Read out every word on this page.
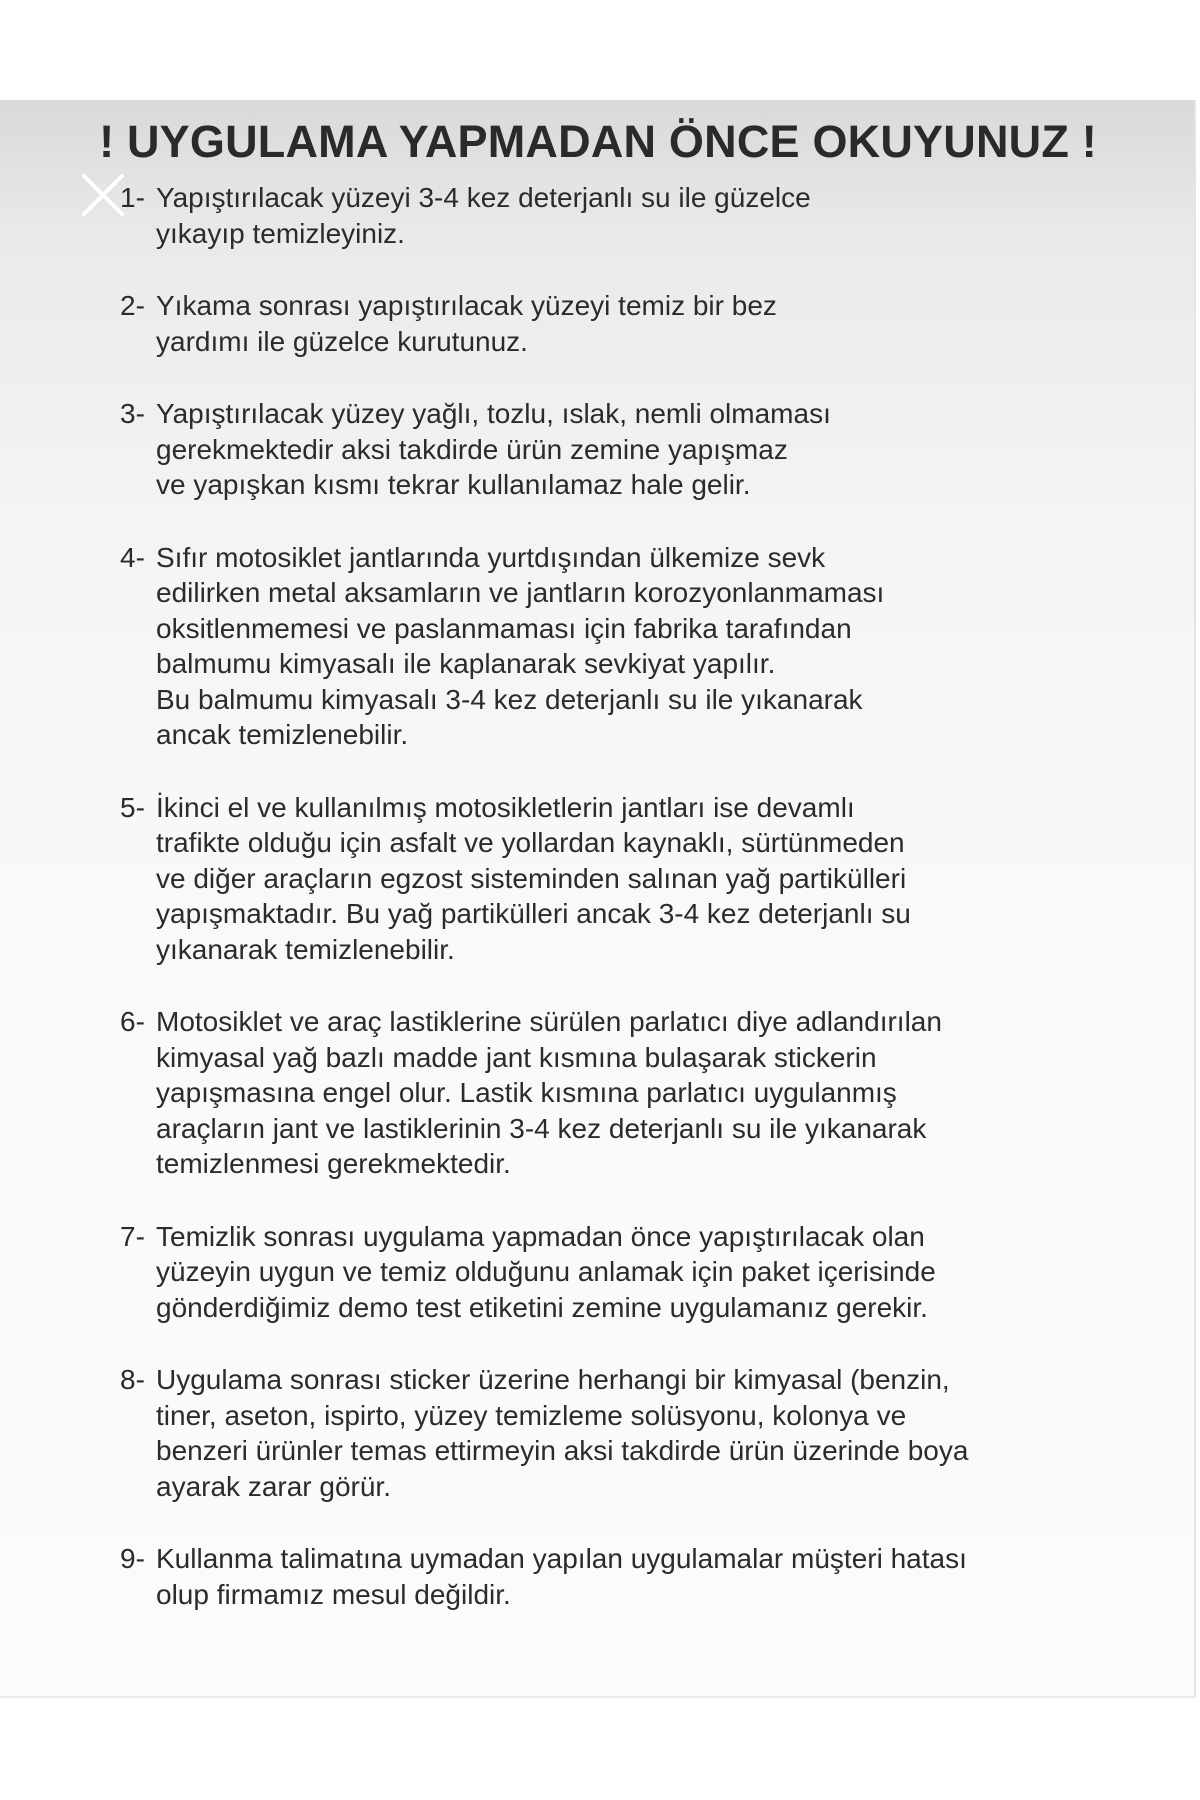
! UYGULAMA YAPMADAN ÖNCE OKUYUNUZ !
1- Yapıştırılacak yüzeyi 3-4 kez deterjanlı su ile güzelce
yıkayıp temizleyiniz.
2- Yıkama sonrası yapıştırılacak yüzeyi temiz bir bez
yardımı ile güzelce kurutunuz.
3- Yapıştırılacak yüzey yağlı, tozlu, ıslak, nemli olmaması
gerekmektedir aksi takdirde ürün zemine yapışmaz
ve yapışkan kısmı tekrar kullanılamaz hale gelir.
4- Sıfır motosiklet jantlarında yurtdışından ülkemize sevk
edilirken metal aksamların ve jantların korozyonlanmaması
oksitlenmemesi ve paslanmaması için fabrika tarafından
balmumu kimyasalı ile kaplanarak sevkiyat yapılır.
Bu balmumu kimyasalı 3-4 kez deterjanlı su ile yıkanarak
ancak temizlenebilir.
5- İkinci el ve kullanılmış motosikletlerin jantları ise devamlı
trafikte olduğu için asfalt ve yollardan kaynaklı, sürtünmeden
ve diğer araçların egzost sisteminden salınan yağ partikülleri
yapışmaktadır. Bu yağ partikülleri ancak 3-4 kez deterjanlı su
yıkanarak temizlenebilir.
6- Motosiklet ve araç lastiklerine sürülen parlatıcı diye adlandırılan
kimyasal yağ bazlı madde jant kısmına bulaşarak stickerin
yapışmasına engel olur. Lastik kısmına parlatıcı uygulanmış
araçların jant ve lastiklerinin 3-4 kez deterjanlı su ile yıkanarak
temizlenmesi gerekmektedir.
7- Temizlik sonrası uygulama yapmadan önce yapıştırılacak olan
yüzeyin uygun ve temiz olduğunu anlamak için paket içerisinde
gönderdiğimiz demo test etiketini zemine uygulamanız gerekir.
8- Uygulama sonrası sticker üzerine herhangi bir kimyasal (benzin,
tiner, aseton, ispirto, yüzey temizleme solüsyonu, kolonya ve
benzeri ürünler temas ettirmeyin aksi takdirde ürün üzerinde boya
ayarak zarar görür.
9- Kullanma talimatına uymadan yapılan uygulamalar müşteri hatası
olup firmamız mesul değildir.
